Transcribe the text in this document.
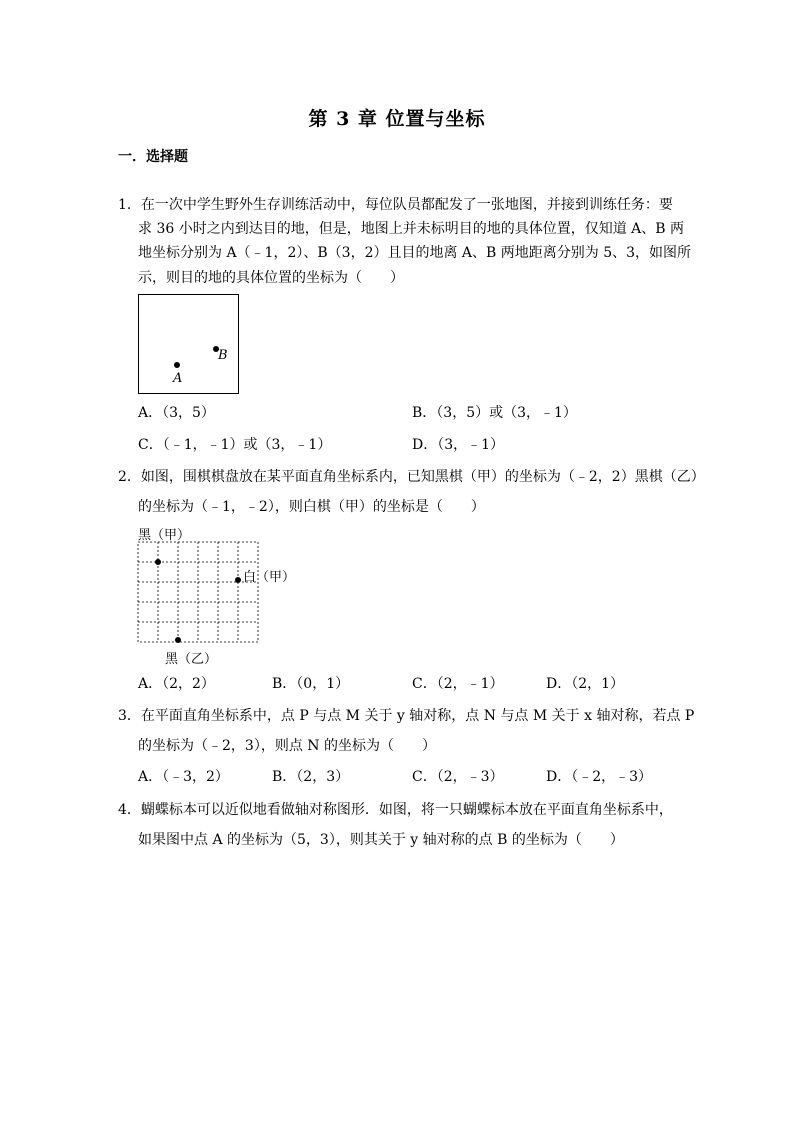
第 3 章 位置与坐标
一．选择题
1．在一次中学生野外生存训练活动中，每位队员都配发了一张地图，并接到训练任务：要
求 36 小时之内到达目的地，但是，地图上并未标明目的地的具体位置，仅知道 A、B 两
地坐标分别为 A（﹣1，2）、B（3，2）且目的地离 A、B 两地距离分别为 5、3，如图所
A
B
A．（3，5）	B．（3，5）或（3，﹣1）
C．（﹣1，﹣1）或（3，﹣1）	D．（3，﹣1）
2．如图，围棋棋盘放在某平面直角坐标系内，已知黑棋（甲）的坐标为（﹣2，2）黑棋（乙）
的坐标为（﹣1，﹣2），则白棋（甲）的坐标是（　　）
黑（甲）
白（甲）
黑（乙）
A．（2，2）	B．（0，1）	C．（2，﹣1）	D．（2，1）
3．在平面直角坐标系中，点 P 与点 M 关于 y 轴对称，点 N 与点 M 关于 x 轴对称，若点 P
的坐标为（﹣2，3），则点 N 的坐标为（　　）
A．（﹣3，2）	B．（2，3）	C．（2，﹣3）	D．（﹣2，﹣3）
4．蝴蝶标本可以近似地看做轴对称图形．如图，将一只蝴蝶标本放在平面直角坐标系中，
如果图中点 A 的坐标为（5，3），则其关于 y 轴对称的点 B 的坐标为（　　）
示，则目的地的具体位置的坐标为（　　）
